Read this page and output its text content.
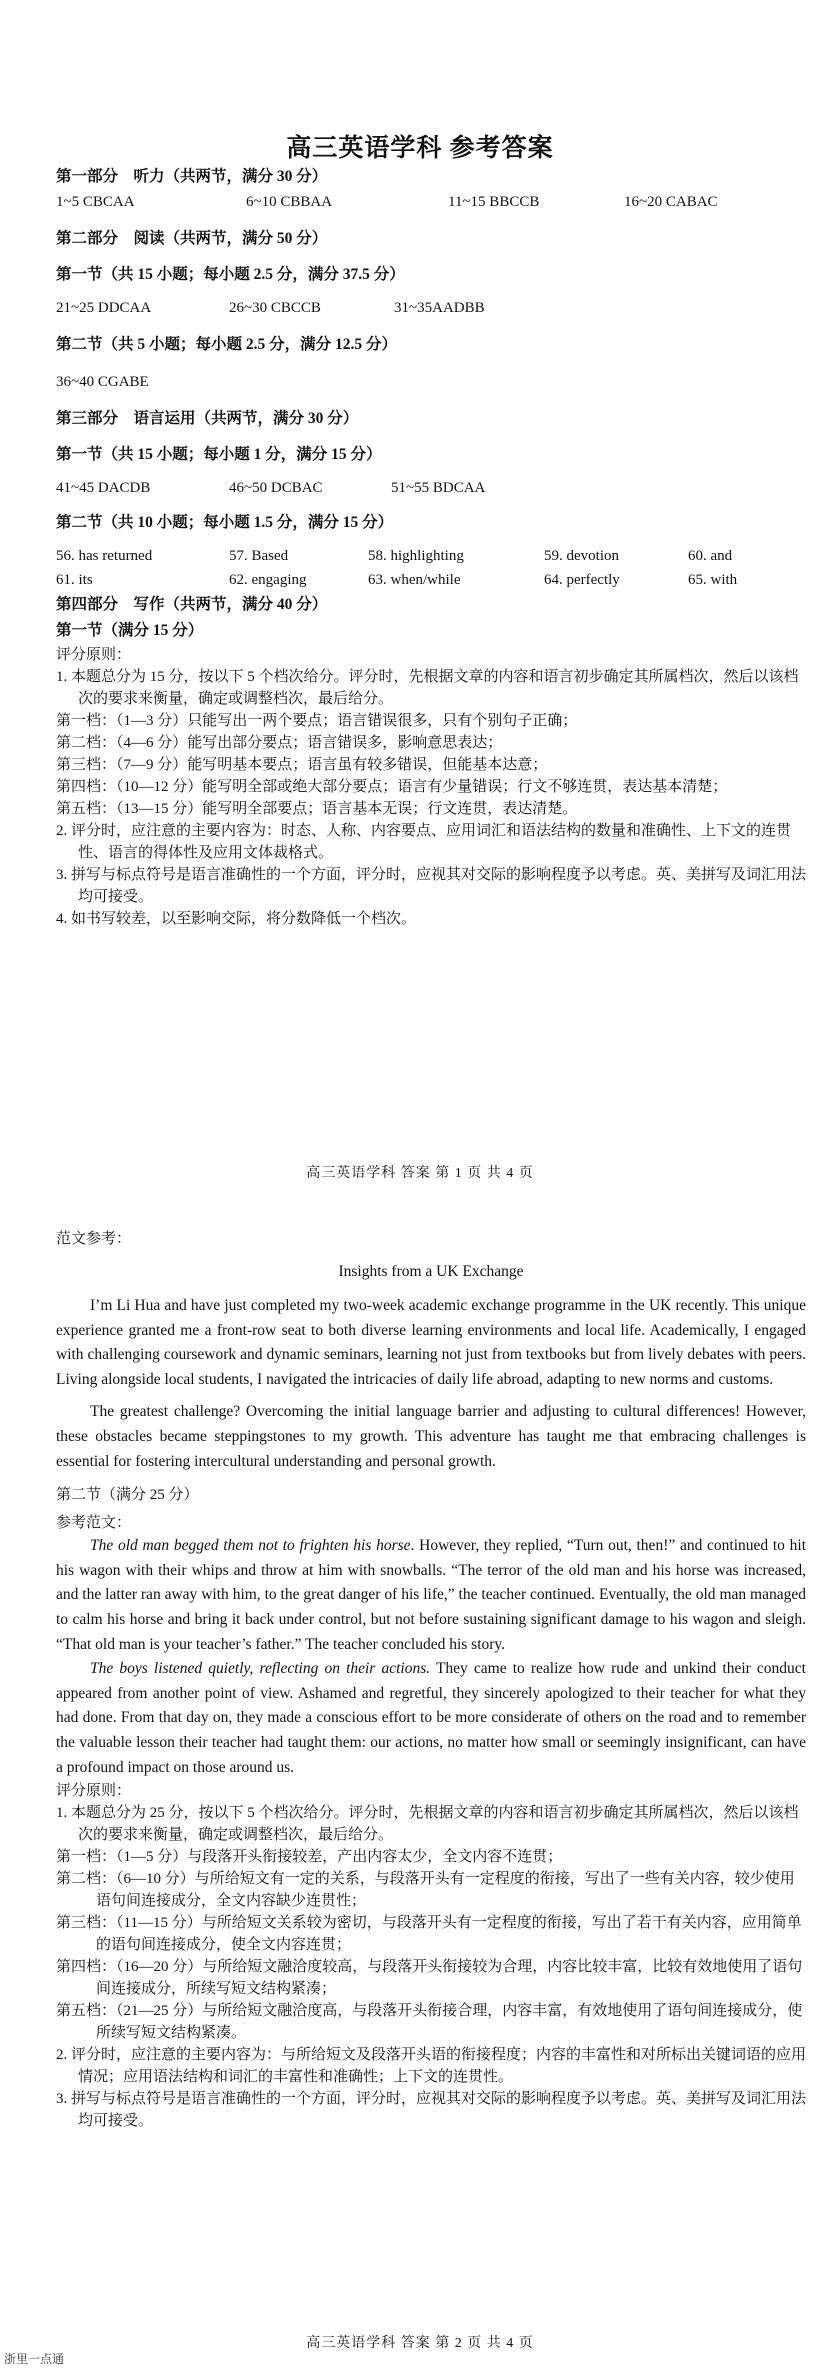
高三英语学科 参考答案
第一部分　听力（共两节，满分 30 分）
1~5 CBCAA	6~10 CBBAA	11~15 BBCCB	16~20 CABAC
第二部分　阅读（共两节，满分 50 分）
第一节（共 15 小题；每小题 2.5 分，满分 37.5 分）
21~25 DDCAA	26~30 CBCCB	31~35AADBB
第二节（共 5 小题；每小题 2.5 分，满分 12.5 分）
36~40 CGABE
第三部分　语言运用（共两节，满分 30 分）
第一节（共 15 小题；每小题 1 分，满分 15 分）
41~45 DACDB	46~50 DCBAC	51~55 BDCAA
第二节（共 10 小题；每小题 1.5 分，满分 15 分）
56. has returned	57. Based	58. highlighting	59. devotion	60. and
61. its	62. engaging	63. when/while	64. perfectly	65. with
第四部分　写作（共两节，满分 40 分）
第一节（满分 15 分）
评分原则：
1. 本题总分为 15 分，按以下 5 个档次给分。评分时，先根据文章的内容和语言初步确定其所属档次，然后以该档次的要求来衡量，确定或调整档次，最后给分。
第一档：（1—3 分）只能写出一两个要点；语言错误很多，只有个别句子正确；
第二档：（4—6 分）能写出部分要点；语言错误多，影响意思表达；
第三档：（7—9 分）能写明基本要点；语言虽有较多错误，但能基本达意；
第四档：（10—12 分）能写明全部或绝大部分要点；语言有少量错误；行文不够连贯，表达基本清楚；
第五档：（13—15 分）能写明全部要点；语言基本无误；行文连贯，表达清楚。
2. 评分时，应注意的主要内容为：时态、人称、内容要点、应用词汇和语法结构的数量和准确性、上下文的连贯性、语言的得体性及应用文体裁格式。
3. 拼写与标点符号是语言准确性的一个方面，评分时，应视其对交际的影响程度予以考虑。英、美拼写及词汇用法均可接受。
4. 如书写较差，以至影响交际，将分数降低一个档次。
高三英语学科 答案 第 1 页 共 4 页
范文参考：
Insights from a UK Exchange

I’m Li Hua and have just completed my two-week academic exchange programme in the UK recently. This unique experience granted me a front-row seat to both diverse learning environments and local life. Academically, I engaged with challenging coursework and dynamic seminars, learning not just from textbooks but from lively debates with peers. Living alongside local students, I navigated the intricacies of daily life abroad, adapting to new norms and customs.

The greatest challenge? Overcoming the initial language barrier and adjusting to cultural differences! However, these obstacles became steppingstones to my growth. This adventure has taught me that embracing challenges is essential for fostering intercultural understanding and personal growth.

第二节（满分 25 分）
参考范文：

The old man begged them not to frighten his horse. However, they replied, “Turn out, then!” and continued to hit his wagon with their whips and throw at him with snowballs. “The terror of the old man and his horse was increased, and the latter ran away with him, to the great danger of his life,” the teacher continued. Eventually, the old man managed to calm his horse and bring it back under control, but not before sustaining significant damage to his wagon and sleigh. “That old man is your teacher’s father.” The teacher concluded his story.

The boys listened quietly, reflecting on their actions. They came to realize how rude and unkind their conduct appeared from another point of view. Ashamed and regretful, they sincerely apologized to their teacher for what they had done. From that day on, they made a conscious effort to be more considerate of others on the road and to remember the valuable lesson their teacher had taught them: our actions, no matter how small or seemingly insignificant, can have a profound impact on those around us.

评分原则：
1. 本题总分为 25 分，按以下 5 个档次给分。评分时，先根据文章的内容和语言初步确定其所属档次，然后以该档次的要求来衡量，确定或调整档次，最后给分。
第一档：（1—5 分）与段落开头衔接较差，产出内容太少，全文内容不连贯；
第二档：（6—10 分）与所给短文有一定的关系，与段落开头有一定程度的衔接，写出了一些有关内容，较少使用语句间连接成分，全文内容缺少连贯性；
第三档：（11—15 分）与所给短文关系较为密切，与段落开头有一定程度的衔接，写出了若干有关内容，应用简单的语句间连接成分，使全文内容连贯；
第四档：（16—20 分）与所给短文融洽度较高，与段落开头衔接较为合理，内容比较丰富，比较有效地使用了语句间连接成分，所续写短文结构紧凑；
第五档：（21—25 分）与所给短文融洽度高，与段落开头衔接合理，内容丰富，有效地使用了语句间连接成分，使所续写短文结构紧凑。
2. 评分时，应注意的主要内容为：与所给短文及段落开头语的衔接程度；内容的丰富性和对所标出关键词语的应用情况；应用语法结构和词汇的丰富性和准确性；上下文的连贯性。
3. 拼写与标点符号是语言准确性的一个方面，评分时，应视其对交际的影响程度予以考虑。英、美拼写及词汇用法均可接受。
高三英语学科 答案 第 2 页 共 4 页
浙里一点通
